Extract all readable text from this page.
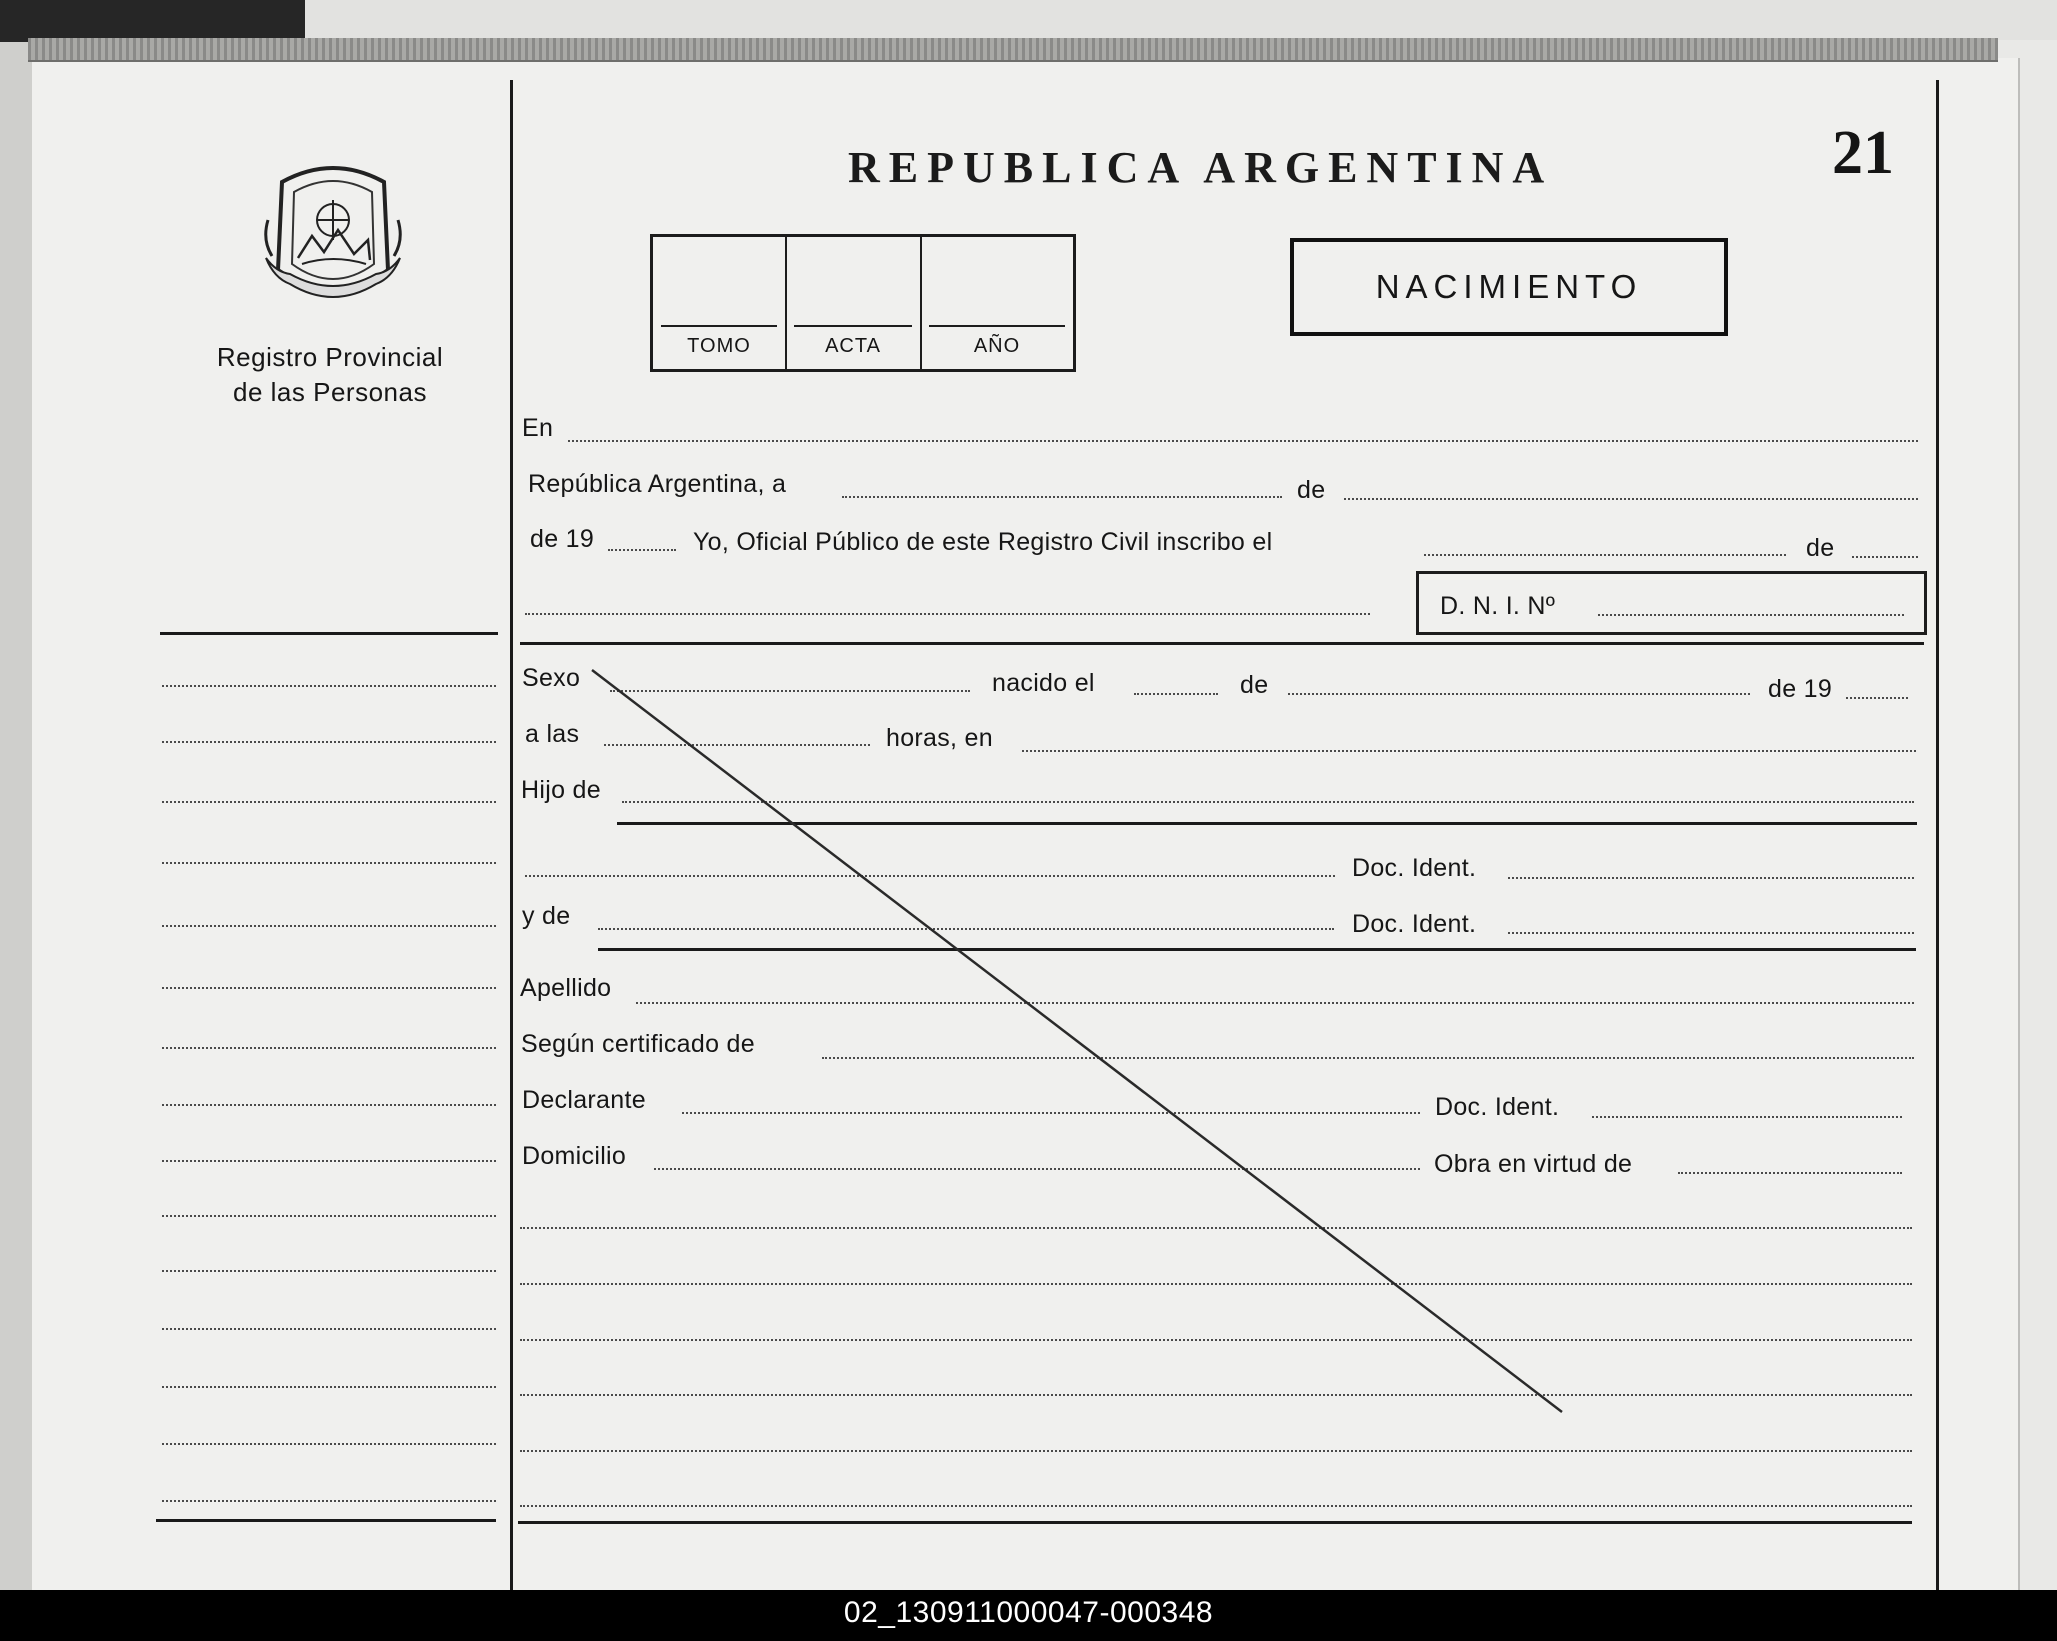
Registro Provincial
de las Personas
REPUBLICA ARGENTINA	21
TOMO	ACTA	AÑO
NACIMIENTO
En
República Argentina, a	de
de 19	Yo, Oficial Público de este Registro Civil inscribo el	de
D. N. I. Nº
Sexo	nacido el	de	de 19
a las	horas, en
Hijo de
Doc. Ident.
y de	Doc. Ident.
Apellido
Según certificado de
Declarante	Doc. Ident.
Domicilio	Obra en virtud de
02_130911000047-000348
